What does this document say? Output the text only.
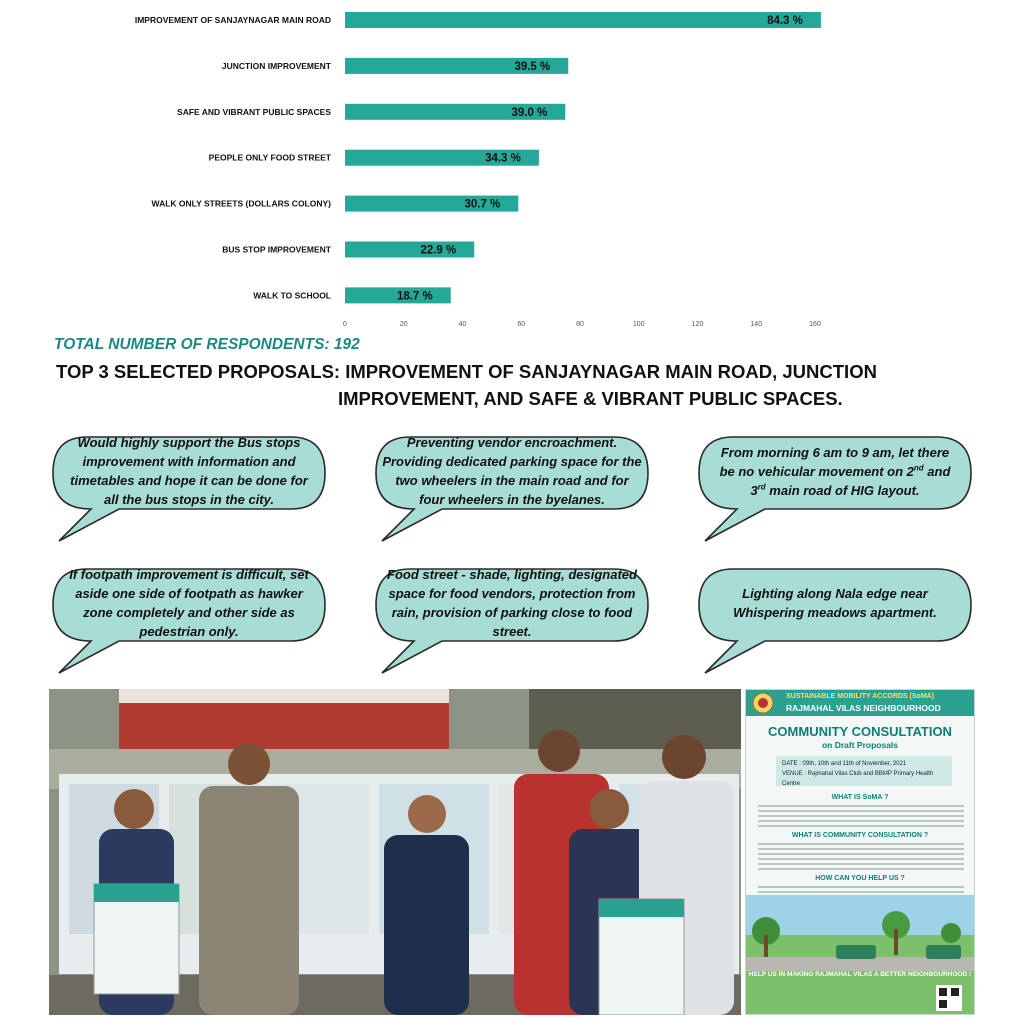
IMPROVEMENT OF SANJAYNAGAR MAIN ROAD
JUNCTION IMPROVEMENT
SAFE AND VIBRANT PUBLIC SPACES
PEOPLE ONLY FOOD STREET
WALK ONLY STREETS (DOLLARS COLONY)
BUS STOP IMPROVEMENT
WALK TO SCHOOL
84.3 %
39.5 %
39.0 %
34.3 %
30.7 %
22.9 %
18.7 %
0	20	40	60	80	100	120	140	160
TOTAL NUMBER OF RESPONDENTS: 192
TOP 3 SELECTED PROPOSALS: IMPROVEMENT OF SANJAYNAGAR MAIN ROAD, JUNCTION
IMPROVEMENT, AND SAFE & VIBRANT PUBLIC SPACES.
Would highly support the Bus stops
improvement with information and
timetables and hope it can be done for
all the bus stops in the city.
Preventing vendor encroachment.
Providing dedicated parking space for the
two wheelers in the main road and for
four wheelers in the byelanes.
From morning 6 am to 9 am, let there
be no vehicular movement on 2nd and
3rd main road of HIG layout.
If footpath improvement is difficult, set
aside one side of footpath as hawker
zone completely and other side as
pedestrian only.
Food street - shade, lighting, designated
space for food vendors, protection from
rain, provision of parking close to food
street.
Lighting along Nala edge near
Whispering meadows apartment.
SUSTAINABLE MOBILITY ACCORDS (SoMA)
RAJMAHAL VILAS NEIGHBOURHOOD
COMMUNITY CONSULTATION
on Draft Proposals
DATE : 09th, 10th and 11th of November, 2021
VENUE : Rajmahal Vilas Club and BBMP Primary Health Centre
WHAT IS SoMA ?
WHAT IS COMMUNITY CONSULTATION ?
HOW CAN YOU HELP US ?
HELP US IN MAKING RAJMAHAL VILAS A BETTER NEIGHBOURHOOD !
